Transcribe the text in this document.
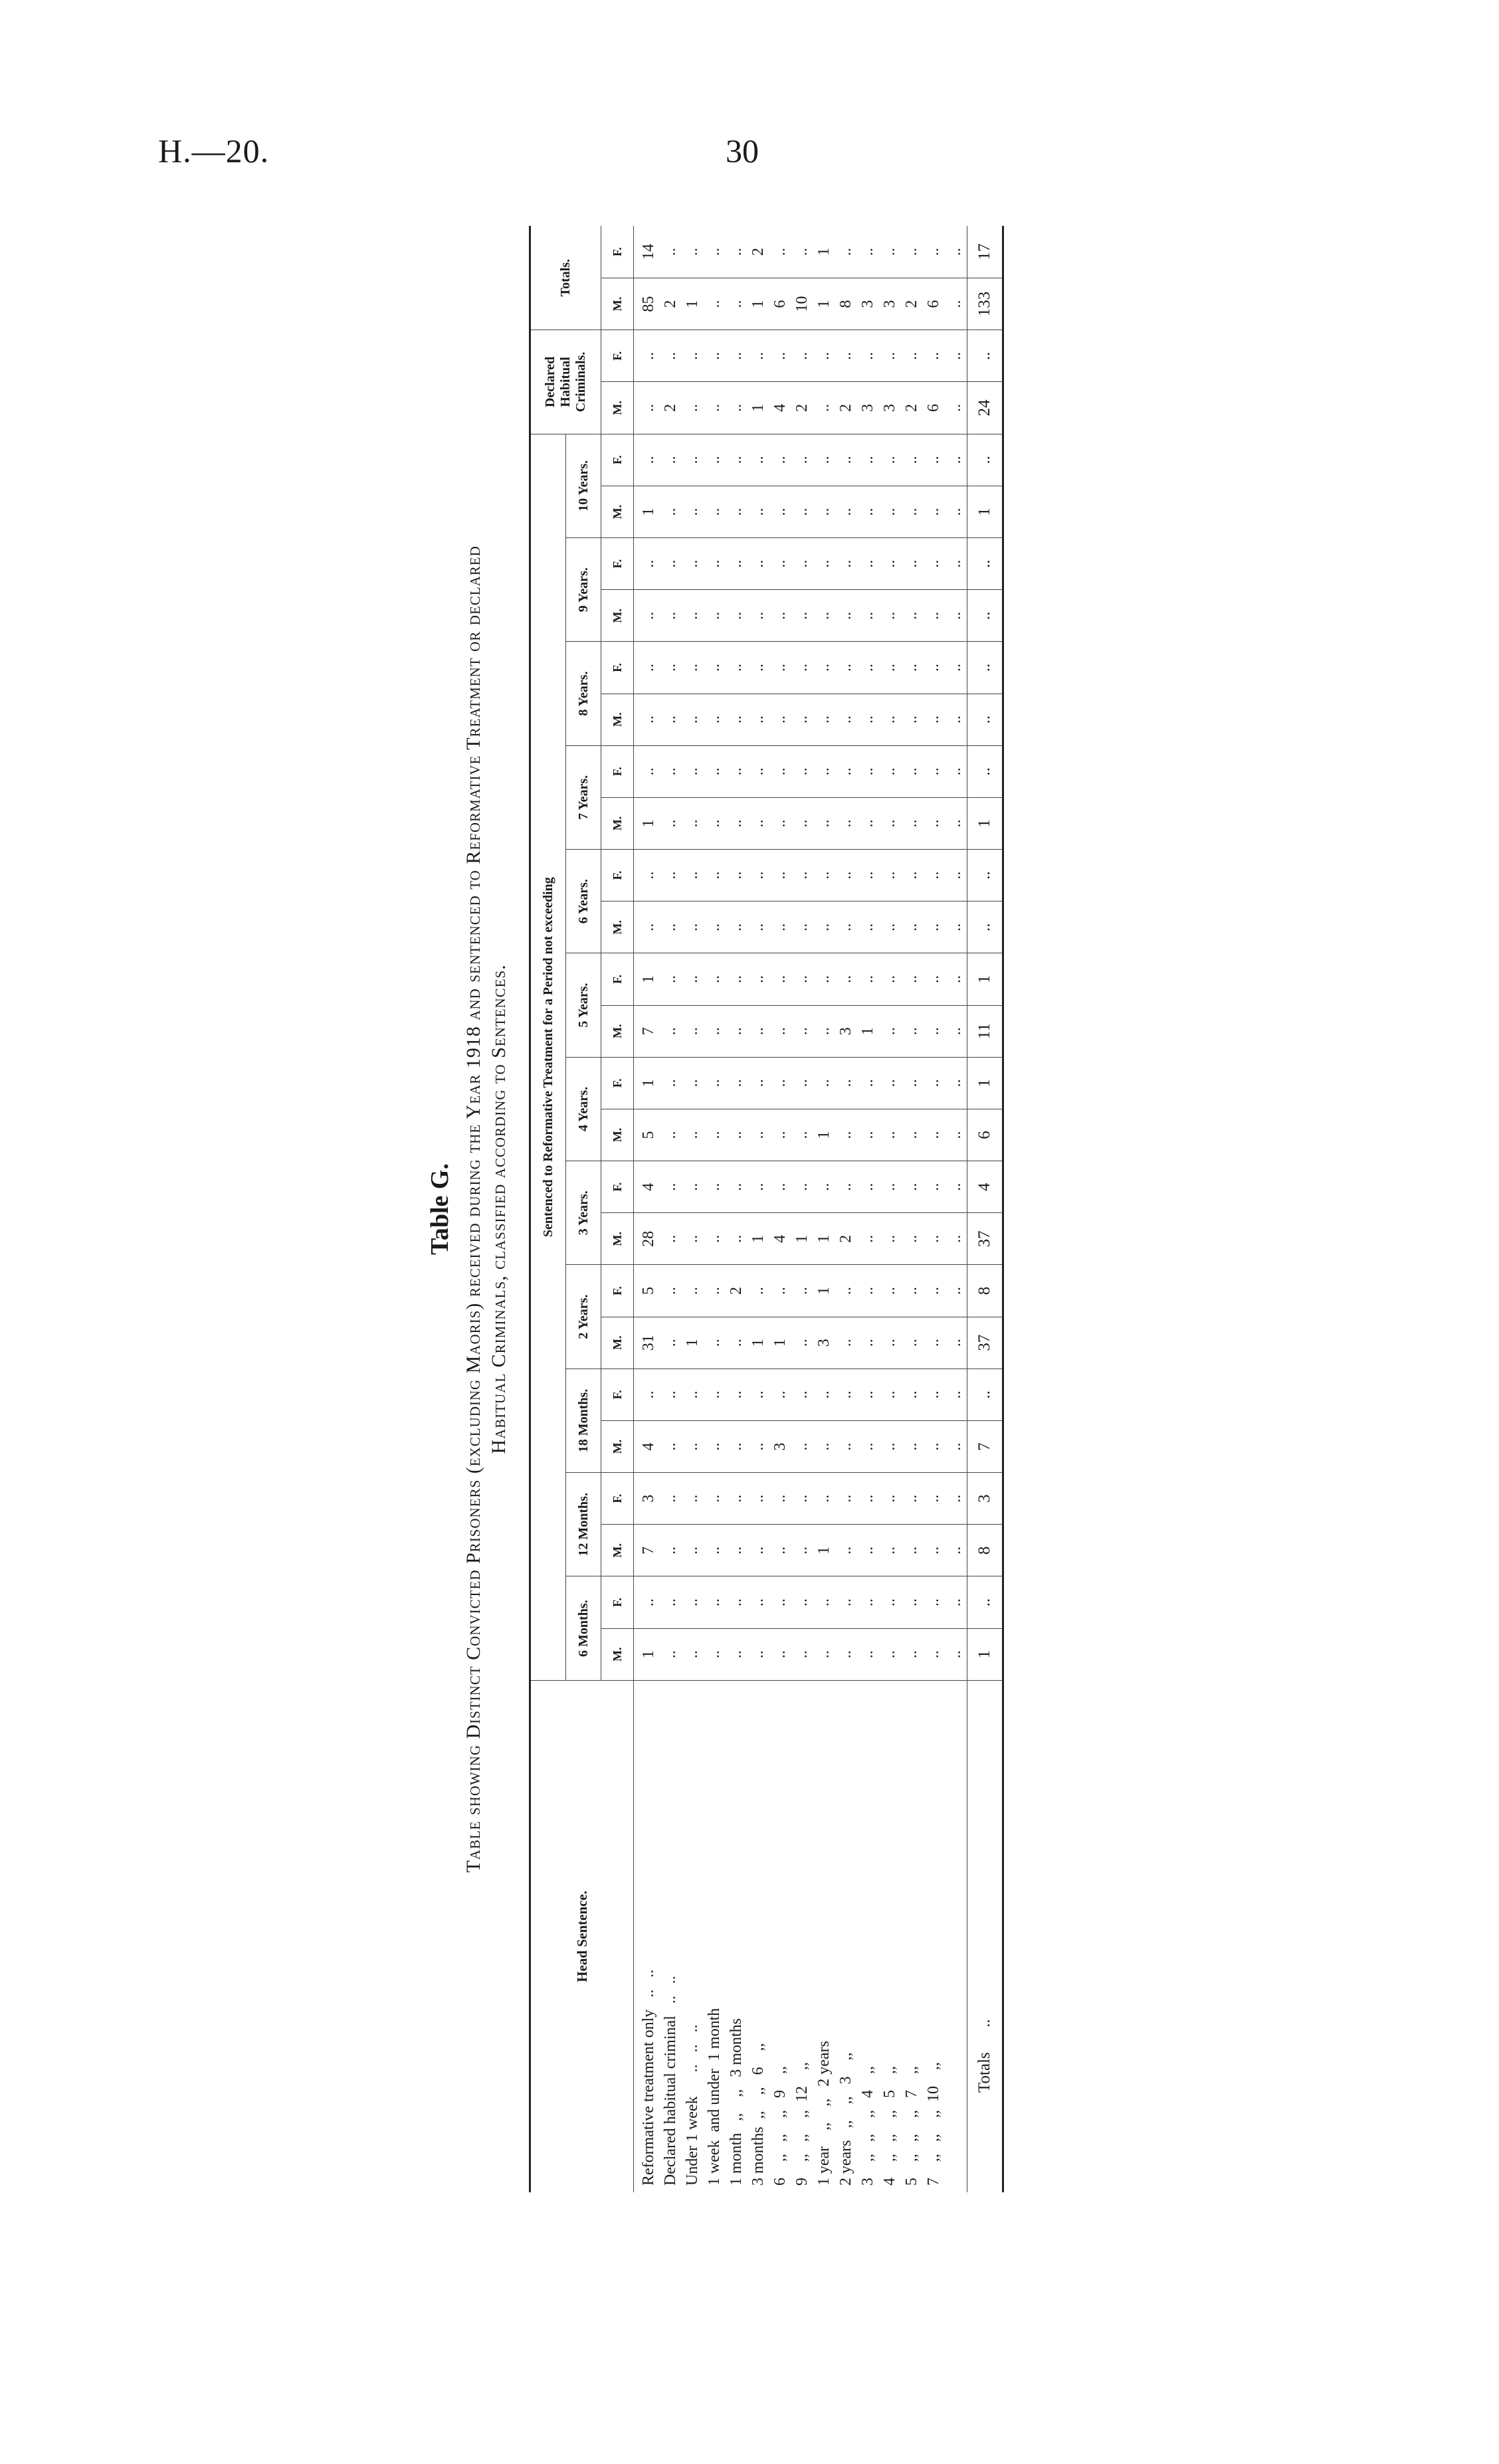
H.—20.	30
Table G. Table showing Distinct Convicted Prisoners (excluding Maoris) received during the Year 1918 and sentenced to Reformative Treatment or declared Habitual Criminals, classified according to Sentences.
Head Sentence.	Sentenced to Reformative Treatment for a Period not exceeding																								Declared Habitual Criminals.		Totals.	
	6 Months.		12 Months.		18 Months.		2 Years.		3 Years.		4 Years.		5 Years.		6 Years.		7 Years.		8 Years.		9 Years.		10 Years.					
	M.	F.	M.	F.	M.	F.	M.	F.	M.	F.	M.	F.	M.	F.	M.	F.	M.	F.	M.	F.	M.	F.	M.	F.	M.	F.	M.	F.
Reformative treatment only   ..   ..	1	..	7	3	4	..	31	5	28	4	5	1	7	1	..	..	1	..	..	..	..	..	1	..	..	..	85	14
Declared habitual criminal   ..   ..	..	..	..	..	..	..	..	..	..	..	..	..	..	..	..	..	..	..	..	..	..	..	..	..	2	..	2	..
Under 1 week      ..   ..   ..	..	..	..	..	..	..	1	..	..	..	..	..	..	..	..	..	..	..	..	..	..	..	..	..	..	..	1	..
1 week  and under  1 month	..	..	..	..	..	..	..	..	..	..	..	..	..	..	..	..	..	..	..	..	..	..	..	..	..	..	..	..
1 month   ,,    ,,   3 months	..	..	..	..	..	..	..	2	..	..	..	..	..	..	..	..	..	..	..	..	..	..	..	..	..	..	..	..
3 months  ,,    ,,   6    ,,	..	..	..	..	..	..	1	..	1	..	..	..	..	..	..	..	..	..	..	..	..	..	..	..	1	..	1	2
6    ,,   ,,    ,,   9    ,,	..	..	..	..	3	..	1	..	4	..	..	..	..	..	..	..	..	..	..	..	..	..	..	..	4	..	6	..
9    ,,   ,,    ,,  12    ,,	..	..	..	..	..	..	..	..	1	..	..	..	..	..	..	..	..	..	..	..	..	..	..	..	2	..	10	..
1 year    ,,    ,,   2 years	..	..	1	..	..	..	3	1	1	..	1	..	..	..	..	..	..	..	..	..	..	..	..	..	..	..	1	1
2 years   ,,    ,,   3    ,,	..	..	..	..	..	..	..	..	2	..	..	..	3	..	..	..	..	..	..	..	..	..	..	..	2	..	8	..
3    ,,   ,,    ,,   4    ,,	..	..	..	..	..	..	..	..	..	..	..	..	1	..	..	..	..	..	..	..	..	..	..	..	3	..	3	..
4    ,,   ,,    ,,   5    ,,	..	..	..	..	..	..	..	..	..	..	..	..	..	..	..	..	..	..	..	..	..	..	..	..	3	..	3	..
5    ,,   ,,    ,,   7    ,,	..	..	..	..	..	..	..	..	..	..	..	..	..	..	..	..	..	..	..	..	..	..	..	..	2	..	2	..
7    ,,   ,,    ,,  10    ,,	..	..	..	..	..	..	..	..	..	..	..	..	..	..	..	..	..	..	..	..	..	..	..	..	6	..	6	..
	..	..	..	..	..	..	..	..	..	..	..	..	..	..	..	..	..	..	..	..	..	..	..	..	..	..	..	..
Totals      ..	1	..	8	3	7	..	37	8	37	4	6	1	11	1	..	..	1	..	..	..	..	..	1	..	24	..	133	17
